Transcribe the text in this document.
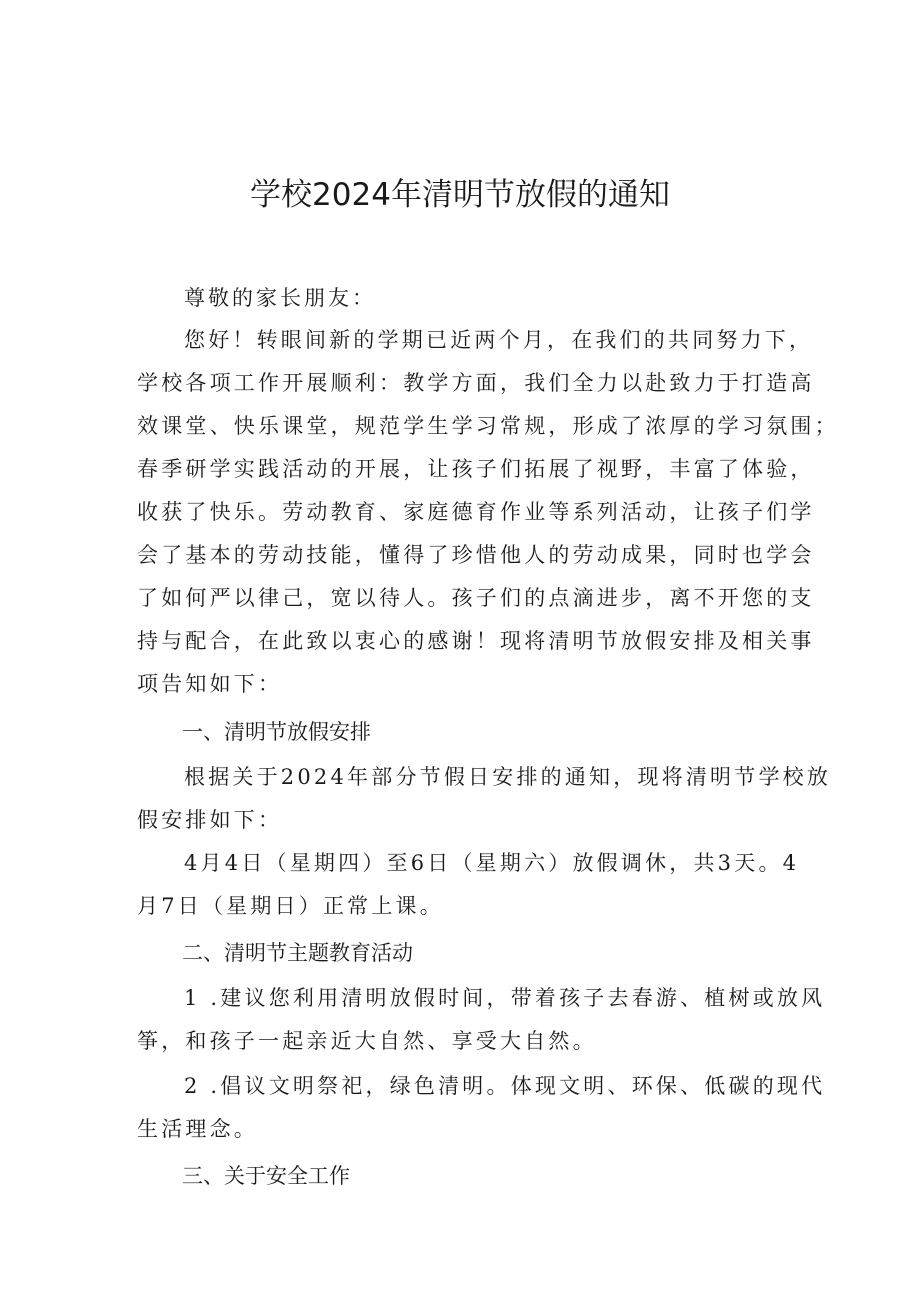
学校2024年清明节放假的通知
尊敬的家长朋友：
您好！转眼间新的学期已近两个月，在我们的共同努力下，
学校各项工作开展顺利：教学方面，我们全力以赴致力于打造高
效课堂、快乐课堂，规范学生学习常规，形成了浓厚的学习氛围；
春季研学实践活动的开展，让孩子们拓展了视野，丰富了体验，
收获了快乐。劳动教育、家庭德育作业等系列活动，让孩子们学
会了基本的劳动技能，懂得了珍惜他人的劳动成果，同时也学会
了如何严以律己，宽以待人。孩子们的点滴进步，离不开您的支
持与配合，在此致以衷心的感谢！现将清明节放假安排及相关事
项告知如下：
一、清明节放假安排
根据关于2024年部分节假日安排的通知，现将清明节学校放
假安排如下：
4月4日（星期四）至6日（星期六）放假调休，共3天。4
月7日（星期日）正常上课。
二、清明节主题教育活动
1 .建议您利用清明放假时间，带着孩子去春游、植树或放风
筝，和孩子一起亲近大自然、享受大自然。
2 .倡议文明祭祀，绿色清明。体现文明、环保、低碳的现代
生活理念。
三、关于安全工作
